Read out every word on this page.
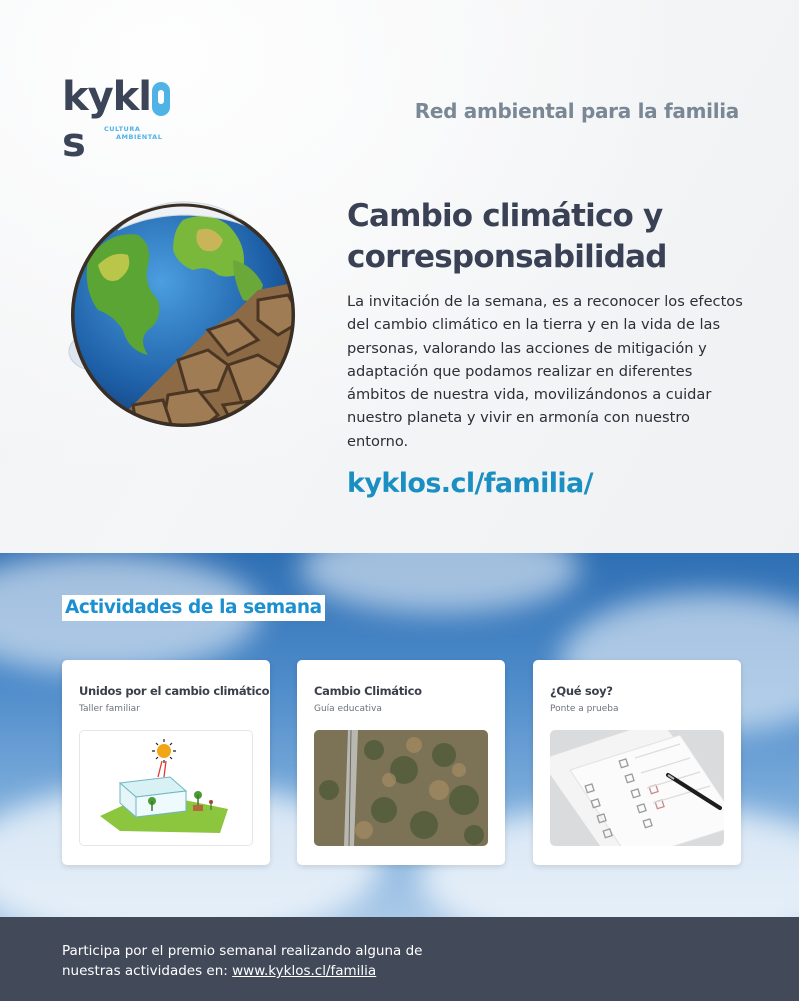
kykls	CULTURA
AMBIENTAL
Red ambiental para la familia
Cambio climático y
corresponsabilidad
La invitación de la semana, es a reconocer los efectos del cambio climático en la tierra y en la vida de las personas, valorando las acciones de mitigación y adaptación que podamos realizar en diferentes ámbitos de nuestra vida, movilizándonos a cuidar nuestro planeta y vivir en armonía con nuestro entorno.
kyklos.cl/familia/
Actividades de la semana
Unidos por el cambio climático
Taller familiar
Cambio Climático
Guía educativa
¿Qué soy?
Ponte a prueba
Participa por el premio semanal realizando alguna de
nuestras actividades en: www.kyklos.cl/familia
